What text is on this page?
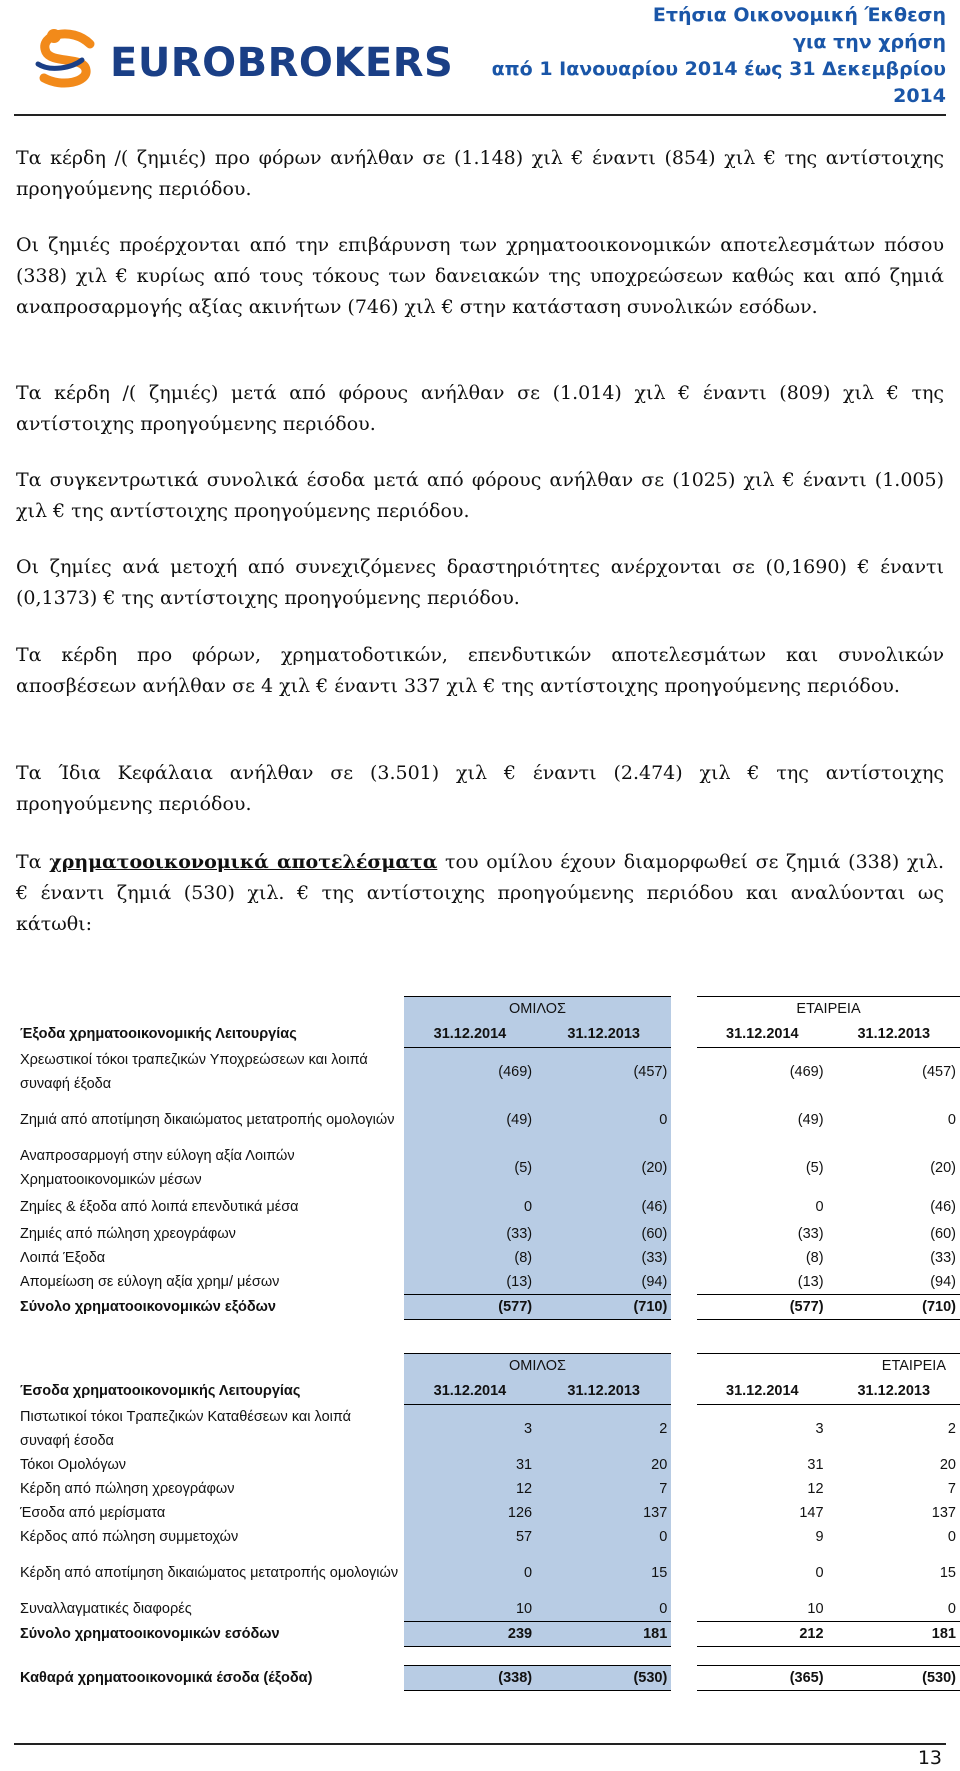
EUROBROKERS
Ετήσια Οικονομική Έκθεση
για την χρήση
από 1 Ιανουαρίου 2014 έως 31 Δεκεμβρίου
2014

Τα κέρδη /( ζημιές) προ φόρων ανήλθαν σε (1.148) χιλ € έναντι (854) χιλ € της αντίστοιχης προηγούμενης περιόδου.

Οι ζημιές προέρχονται από την επιβάρυνση των χρηματοοικονομικών αποτελεσμάτων πόσου (338) χιλ € κυρίως από τους τόκους των δανειακών της υποχρεώσεων καθώς και από ζημιά αναπροσαρμογής αξίας ακινήτων (746) χιλ € στην κατάσταση συνολικών εσόδων.

Τα κέρδη /( ζημιές) μετά από φόρους ανήλθαν σε (1.014) χιλ € έναντι (809) χιλ € της αντίστοιχης προηγούμενης περιόδου.

Τα συγκεντρωτικά συνολικά έσοδα μετά από φόρους ανήλθαν σε (1025) χιλ € έναντι (1.005) χιλ € της αντίστοιχης προηγούμενης περιόδου.

Οι ζημίες ανά μετοχή από συνεχιζόμενες δραστηριότητες ανέρχονται σε (0,1690) € έναντι (0,1373) € της αντίστοιχης προηγούμενης περιόδου.

Τα κέρδη προ φόρων, χρηματοδοτικών, επενδυτικών αποτελεσμάτων και συνολικών αποσβέσεων ανήλθαν σε 4 χιλ € έναντι 337 χιλ € της αντίστοιχης προηγούμενης περιόδου.

Τα Ίδια Κεφάλαια ανήλθαν σε (3.501) χιλ € έναντι (2.474) χιλ € της αντίστοιχης προηγούμενης περιόδου.

Τα χρηματοοικονομικά αποτελέσματα του ομίλου έχουν διαμορφωθεί σε ζημιά (338) χιλ. € έναντι ζημιά (530) χιλ. € της αντίστοιχης προηγούμενης περιόδου και αναλύονται ως κάτωθι:

	ΟΜΙΛΟΣ			ΕΤΑΙΡΕΙΑ	
Έξοδα χρηματοοικονομικής Λειτουργίας	31.12.2014	31.12.2013		31.12.2014	31.12.2013
Χρεωστικοί τόκοι τραπεζικών Υποχρεώσεων και λοιπά συναφή έξοδα	(469)	(457)		(469)	(457)
Ζημιά από αποτίμηση δικαιώματος μετατροπής ομολογιών	(49)	0		(49)	0
Αναπροσαρμογή στην εύλογη αξία Λοιπών Χρηματοοικονομικών μέσων	(5)	(20)		(5)	(20)
Ζημίες & έξοδα από λοιπά επενδυτικά μέσα	0	(46)		0	(46)
Ζημιές από πώληση χρεογράφων	(33)	(60)		(33)	(60)
Λοιπά Έξοδα	(8)	(33)		(8)	(33)
Απομείωση σε εύλογη αξία χρημ/ μέσων	(13)	(94)		(13)	(94)
Σύνολο χρηματοοικονομικών εξόδων	(577)	(710)		(577)	(710)
	ΟΜΙΛΟΣ			ΕΤΑΙΡΕΙΑ	
Έσοδα χρηματοοικονομικής Λειτουργίας	31.12.2014	31.12.2013		31.12.2014	31.12.2013
Πιστωτικοί τόκοι Τραπεζικών Καταθέσεων και λοιπά συναφή έσοδα	3	2		3	2
Τόκοι Ομολόγων	31	20		31	20
Κέρδη από πώληση χρεογράφων	12	7		12	7
Έσοδα από μερίσματα	126	137		147	137
Κέρδος από πώληση συμμετοχών	57	0		9	0
Κέρδη από αποτίμηση δικαιώματος μετατροπής ομολογιών	0	15		0	15
Συναλλαγματικές διαφορές	10	0		10	0
Σύνολο χρηματοοικονομικών εσόδων	239	181		212	181

Καθαρά χρηματοοικονομικά έσοδα (έξοδα)	(338)	(530)		(365)	(530)
13
